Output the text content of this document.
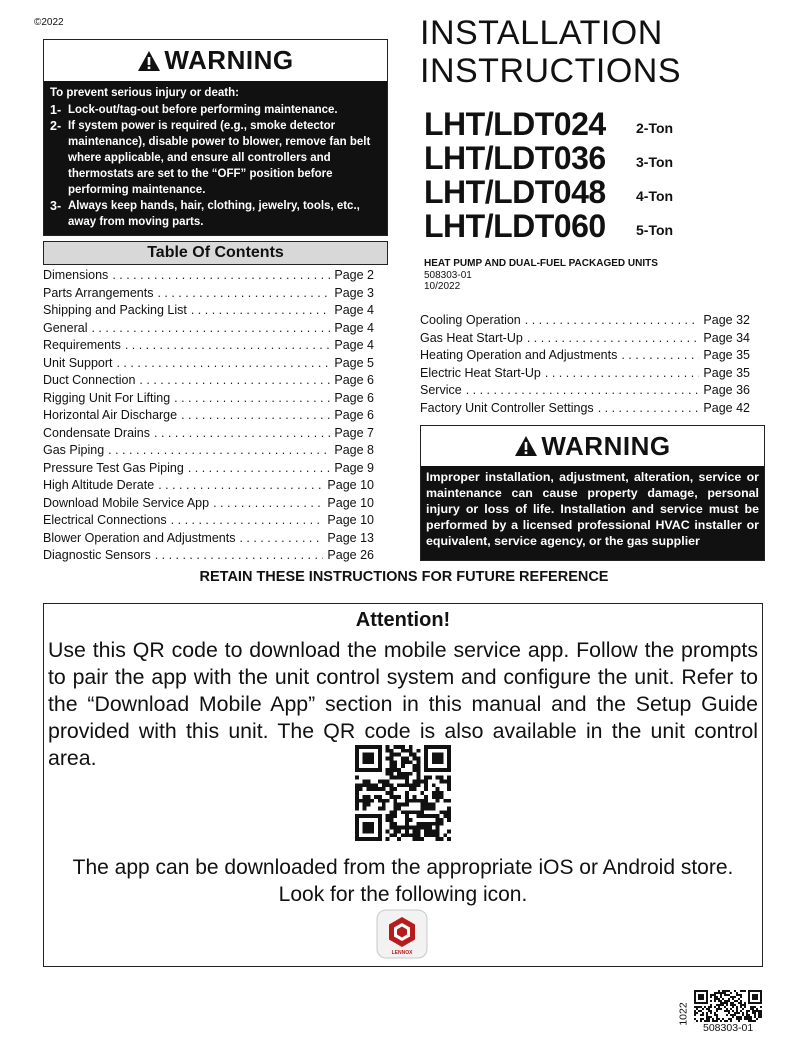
©2022
WARNING
To prevent serious injury or death:
1- Lock-out/tag-out before performing maintenance.
2- If system power is required (e.g., smoke detector maintenance), disable power to blower, remove fan belt where applicable, and ensure all controllers and thermostats are set to the “OFF” position before performing maintenance.
3- Always keep hands, hair, clothing, jewelry, tools, etc., away from moving parts.
Table Of Contents
Dimensions . . .	Page 2
Parts Arrangements . . .	Page 3
Shipping and Packing List . . .	Page 4
General . . .	Page 4
Requirements . . .	Page 4
Unit Support . . .	Page 5
Duct Connection . . .	Page 6
Rigging Unit For Lifting . . .	Page 6
Horizontal Air Discharge . . .	Page 6
Condensate Drains . . .	Page 7
Gas Piping . . .	Page 8
Pressure Test Gas Piping . . .	Page 9
High Altitude Derate . . .	Page 10
Download Mobile Service App . . .	Page 10
Electrical Connections . . .	Page 10
Blower Operation and Adjustments . . .	Page 13
Diagnostic Sensors . . .	Page 26
Cooling Operation . . .	Page 32
Gas Heat Start-Up . . .	Page 34
Heating Operation and Adjustments . . .	Page 35
Electric Heat Start-Up . . .	Page 35
Service . . .	Page 36
Factory Unit Controller Settings . . .	Page 42
INSTALLATION
INSTRUCTIONS
LHT/LDT024	2-Ton
LHT/LDT036	3-Ton
LHT/LDT048	4-Ton
LHT/LDT060	5-Ton
HEAT PUMP AND DUAL-FUEL PACKAGED UNITS
508303-01
10/2022
WARNING
Improper installation, adjustment, alteration, service or maintenance can cause property damage, personal injury or loss of life. Installation and service must be performed by a licensed professional HVAC installer or equivalent, service agency, or the gas supplier
RETAIN THESE INSTRUCTIONS FOR FUTURE REFERENCE
Attention!
Use this QR code to download the mobile service app. Follow the prompts to pair the app with the unit control system and configure the unit. Refer to the “Download Mobile App” section in this manual and the Setup Guide provided with this unit. The QR code is also available in the unit control area.
The app can be downloaded from the appropriate iOS or Android store.
Look for the following icon.
LENNOX
1022
508303-01
